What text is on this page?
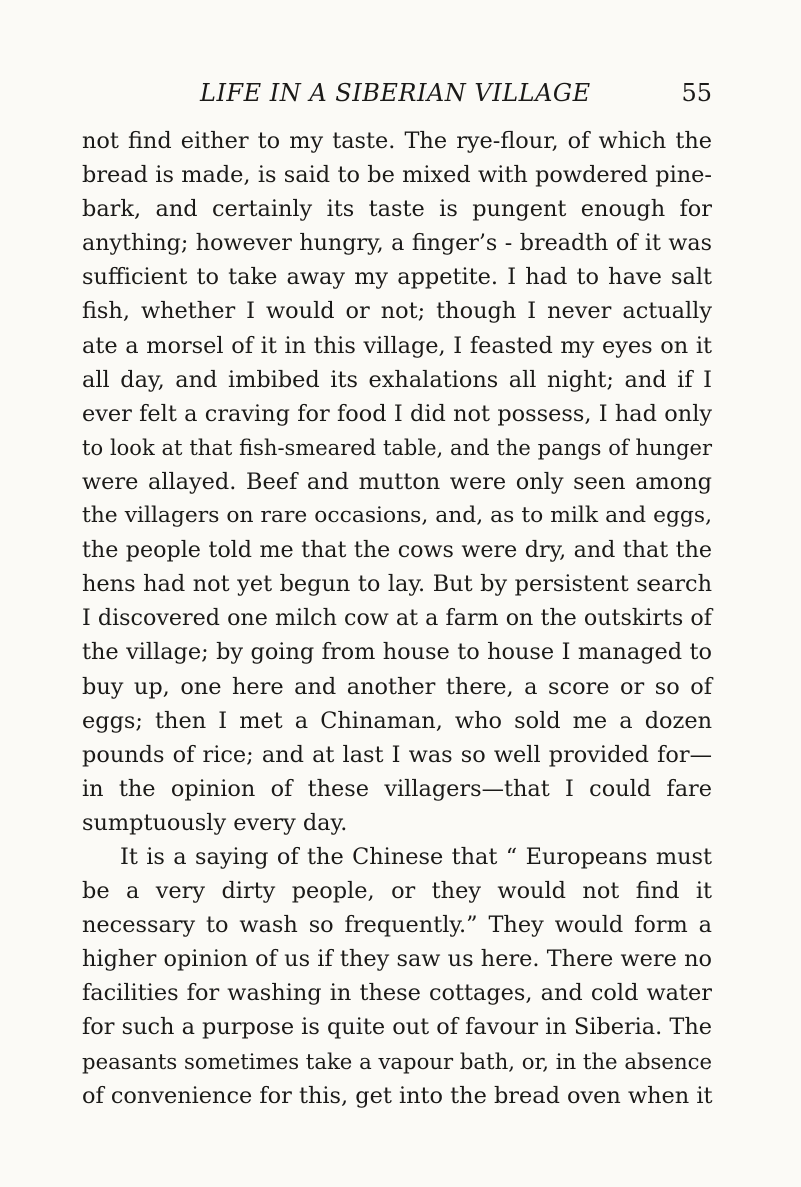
LIFE IN A SIBERIAN VILLAGE	55
not find either to my taste. The rye-flour, of which the
bread is made, is said to be mixed with powdered pine-
bark, and certainly its taste is pungent enough for
anything; however hungry, a finger’s - breadth of it was
sufficient to take away my appetite. I had to have salt
fish, whether I would or not; though I never actually
ate a morsel of it in this village, I feasted my eyes on it
all day, and imbibed its exhalations all night; and if I
ever felt a craving for food I did not possess, I had only
to look at that fish-smeared table, and the pangs of hunger
were allayed. Beef and mutton were only seen among
the villagers on rare occasions, and, as to milk and eggs,
the people told me that the cows were dry, and that the
hens had not yet begun to lay. But by persistent search
I discovered one milch cow at a farm on the outskirts of
the village; by going from house to house I managed to
buy up, one here and another there, a score or so of
eggs; then I met a Chinaman, who sold me a dozen
pounds of rice; and at last I was so well provided for—
in the opinion of these villagers—that I could fare
sumptuously every day.
It is a saying of the Chinese that “ Europeans must
be a very dirty people, or they would not find it
necessary to wash so frequently.” They would form a
higher opinion of us if they saw us here. There were no
facilities for washing in these cottages, and cold water
for such a purpose is quite out of favour in Siberia. The
peasants sometimes take a vapour bath, or, in the absence
of convenience for this, get into the bread oven when it
